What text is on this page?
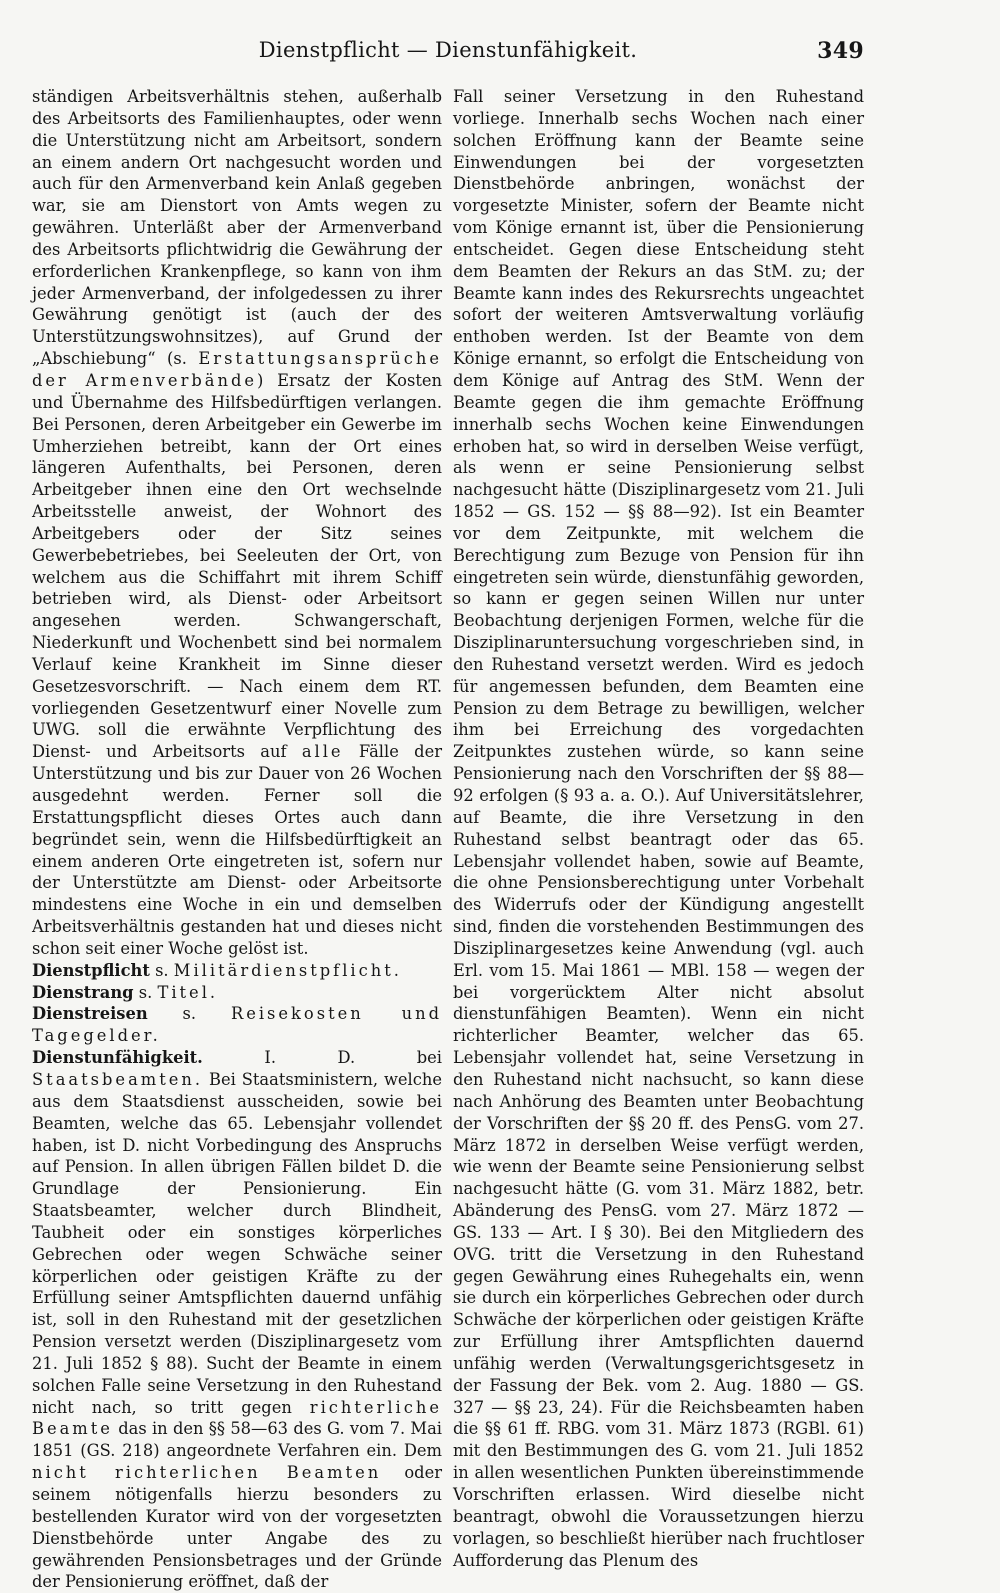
Dienstpflicht — Dienstunfähigkeit.	349

ständigen Arbeitsverhältnis stehen, außerhalb des Arbeitsorts des Familienhauptes, oder wenn die Unterstützung nicht am Arbeitsort, sondern an einem andern Ort nachgesucht worden und auch für den Armenverband kein Anlaß gegeben war, sie am Dienstort von Amts wegen zu gewähren. Unterläßt aber der Armenverband des Arbeitsorts pflichtwidrig die Gewährung der erforderlichen Krankenpflege, so kann von ihm jeder Armenverband, der infolgedessen zu ihrer Gewährung genötigt ist (auch der des Unterstützungswohnsitzes), auf Grund der „Abschiebung“ (s. Erstattungsansprüche der Armenverbände) Ersatz der Kosten und Übernahme des Hilfsbedürftigen verlangen. Bei Personen, deren Arbeitgeber ein Gewerbe im Umherziehen betreibt, kann der Ort eines längeren Aufenthalts, bei Personen, deren Arbeitgeber ihnen eine den Ort wechselnde Arbeitsstelle anweist, der Wohnort des Arbeitgebers oder der Sitz seines Gewerbebetriebes, bei Seeleuten der Ort, von welchem aus die Schiffahrt mit ihrem Schiff betrieben wird, als Dienst- oder Arbeitsort angesehen werden. Schwangerschaft, Niederkunft und Wochenbett sind bei normalem Verlauf keine Krankheit im Sinne dieser Gesetzesvorschrift. — Nach einem dem RT. vorliegenden Gesetzentwurf einer Novelle zum UWG. soll die erwähnte Verpflichtung des Dienst- und Arbeitsorts auf alle Fälle der Unterstützung und bis zur Dauer von 26 Wochen ausgedehnt werden. Ferner soll die Erstattungspflicht dieses Ortes auch dann begründet sein, wenn die Hilfsbedürftigkeit an einem anderen Orte eingetreten ist, sofern nur der Unterstützte am Dienst- oder Arbeitsorte mindestens eine Woche in ein und demselben Arbeitsverhältnis gestanden hat und dieses nicht schon seit einer Woche gelöst ist.

Dienstpflicht s. Militärdienstpflicht.

Dienstrang s. Titel.

Dienstreisen s. Reisekosten und Tagegelder.

Dienstunfähigkeit.	I. D. bei Staatsbeamten. Bei Staatsministern, welche aus dem Staatsdienst ausscheiden, sowie bei Beamten, welche das 65. Lebensjahr vollendet haben, ist D. nicht Vorbedingung des Anspruchs auf Pension. In allen übrigen Fällen bildet D. die Grundlage der Pensionierung. Ein Staatsbeamter, welcher durch Blindheit, Taubheit oder ein sonstiges körperliches Gebrechen oder wegen Schwäche seiner körperlichen oder geistigen Kräfte zu der Erfüllung seiner Amtspflichten dauernd unfähig ist, soll in den Ruhestand mit der gesetzlichen Pension versetzt werden (Disziplinargesetz vom 21. Juli 1852 § 88). Sucht der Beamte in einem solchen Falle seine Versetzung in den Ruhestand nicht nach, so tritt gegen richterliche Beamte das in den §§ 58—63 des G. vom 7. Mai 1851 (GS. 218) angeordnete Verfahren ein. Dem nicht richterlichen Beamten oder seinem nötigenfalls hierzu besonders zu bestellenden Kurator wird von der vorgesetzten Dienstbehörde unter Angabe des zu gewährenden Pensionsbetrages und der Gründe der Pensionierung eröffnet, daß der

Fall seiner Versetzung in den Ruhestand vorliege. Innerhalb sechs Wochen nach einer solchen Eröffnung kann der Beamte seine Einwendungen bei der vorgesetzten Dienstbehörde anbringen, wonächst der vorgesetzte Minister, sofern der Beamte nicht vom Könige ernannt ist, über die Pensionierung entscheidet. Gegen diese Entscheidung steht dem Beamten der Rekurs an das StM. zu; der Beamte kann indes des Rekursrechts ungeachtet sofort der weiteren Amtsverwaltung vorläufig enthoben werden. Ist der Beamte von dem Könige ernannt, so erfolgt die Entscheidung von dem Könige auf Antrag des StM. Wenn der Beamte gegen die ihm gemachte Eröffnung innerhalb sechs Wochen keine Einwendungen erhoben hat, so wird in derselben Weise verfügt, als wenn er seine Pensionierung selbst nachgesucht hätte (Disziplinargesetz vom 21. Juli 1852 — GS. 152 — §§ 88—92). Ist ein Beamter vor dem Zeitpunkte, mit welchem die Berechtigung zum Bezuge von Pension für ihn eingetreten sein würde, dienstunfähig geworden, so kann er gegen seinen Willen nur unter Beobachtung derjenigen Formen, welche für die Disziplinaruntersuchung vorgeschrieben sind, in den Ruhestand versetzt werden. Wird es jedoch für angemessen befunden, dem Beamten eine Pension zu dem Betrage zu bewilligen, welcher ihm bei Erreichung des vorgedachten Zeitpunktes zustehen würde, so kann seine Pensionierung nach den Vorschriften der §§ 88—92 erfolgen (§ 93 a. a. O.). Auf Universitätslehrer, auf Beamte, die ihre Versetzung in den Ruhestand selbst beantragt oder das 65. Lebensjahr vollendet haben, sowie auf Beamte, die ohne Pensionsberechtigung unter Vorbehalt des Widerrufs oder der Kündigung angestellt sind, finden die vorstehenden Bestimmungen des Disziplinargesetzes keine Anwendung (vgl. auch Erl. vom 15. Mai 1861 — MBl. 158 — wegen der bei vorgerücktem Alter nicht absolut dienstunfähigen Beamten). Wenn ein nicht richterlicher Beamter, welcher das 65. Lebensjahr vollendet hat, seine Versetzung in den Ruhestand nicht nachsucht, so kann diese nach Anhörung des Beamten unter Beobachtung der Vorschriften der §§ 20 ff. des PensG. vom 27. März 1872 in derselben Weise verfügt werden, wie wenn der Beamte seine Pensionierung selbst nachgesucht hätte (G. vom 31. März 1882, betr. Abänderung des PensG. vom 27. März 1872 — GS. 133 — Art. I § 30). Bei den Mitgliedern des OVG. tritt die Versetzung in den Ruhestand gegen Gewährung eines Ruhegehalts ein, wenn sie durch ein körperliches Gebrechen oder durch Schwäche der körperlichen oder geistigen Kräfte zur Erfüllung ihrer Amtspflichten dauernd unfähig werden (Verwaltungsgerichtsgesetz in der Fassung der Bek. vom 2. Aug. 1880 — GS. 327 — §§ 23, 24). Für die Reichsbeamten haben die §§ 61 ff. RBG. vom 31. März 1873 (RGBl. 61) mit den Bestimmungen des G. vom 21. Juli 1852 in allen wesentlichen Punkten übereinstimmende Vorschriften erlassen. Wird dieselbe nicht beantragt, obwohl die Voraussetzungen hierzu vorlagen, so beschließt hierüber nach fruchtloser Aufforderung das Plenum des
